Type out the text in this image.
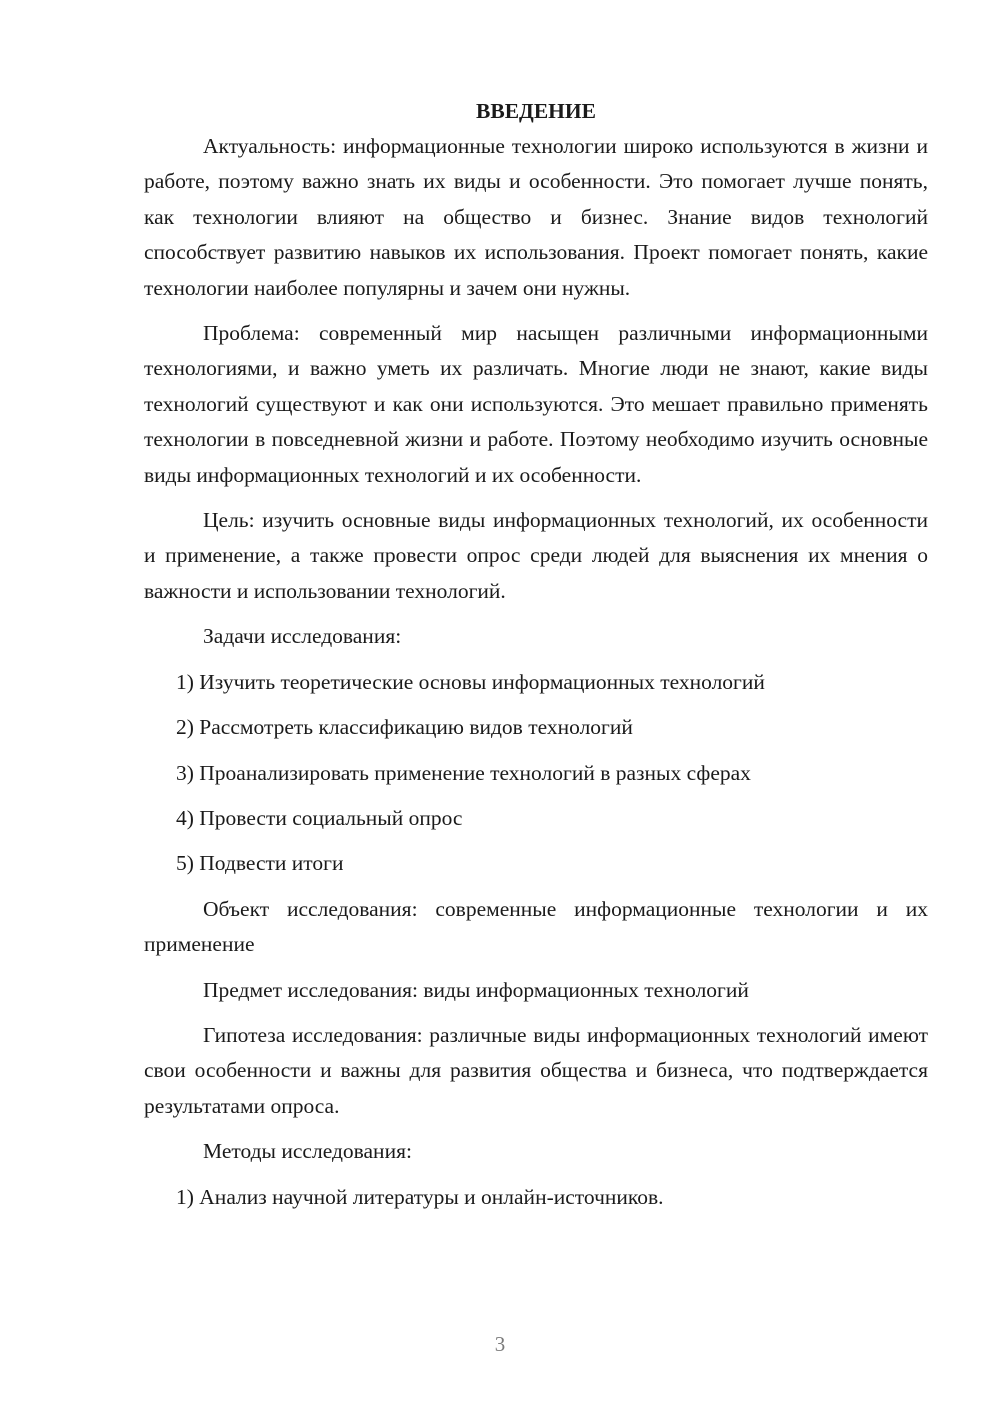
ВВЕДЕНИЕ

Актуальность: информационные технологии широко используются в жизни и работе, поэтому важно знать их виды и особенности. Это помогает лучше понять, как технологии влияют на общество и бизнес. Знание видов технологий способствует развитию навыков их использования. Проект помогает понять, какие технологии наиболее популярны и зачем они нужны.

Проблема: современный мир насыщен различными информационными технологиями, и важно уметь их различать. Многие люди не знают, какие виды технологий существуют и как они используются. Это мешает правильно применять технологии в повседневной жизни и работе. Поэтому необходимо изучить основные виды информационных технологий и их особенности.

Цель: изучить основные виды информационных технологий, их особенности и применение, а также провести опрос среди людей для выяснения их мнения о важности и использовании технологий.

Задачи исследования:

1) Изучить теоретические основы информационных технологий
2) Рассмотреть классификацию видов технологий
3) Проанализировать применение технологий в разных сферах
4) Провести социальный опрос
5) Подвести итоги

Объект исследования: современные информационные технологии и их применение

Предмет исследования: виды информационных технологий

Гипотеза исследования: различные виды информационных технологий имеют свои особенности и важны для развития общества и бизнеса, что подтверждается результатами опроса.

Методы исследования:

1) Анализ научной литературы и онлайн-источников.
3
